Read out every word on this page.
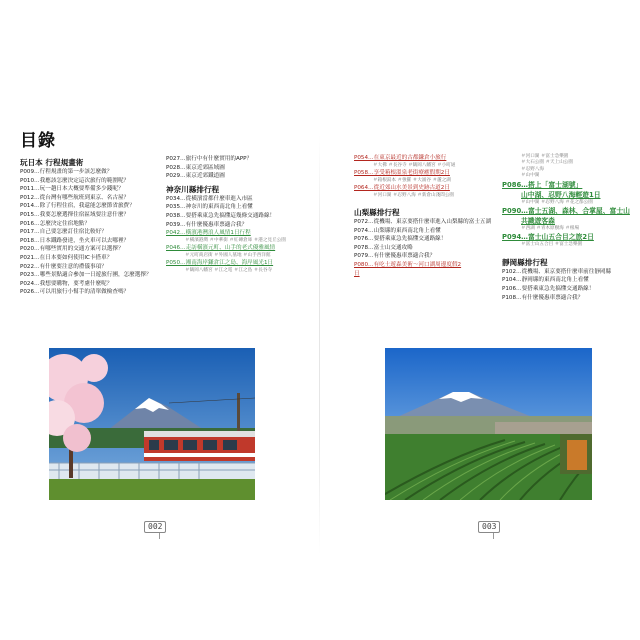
目錄
玩日本 行程規畫術
P009…行程規畫的第一步該怎麼做？
P010…我應該怎麼決定這次旅行的範圍呢？
P011…玩一趟日本大概要準備多少錢呢？
P012…從台灣有哪些航班到東京、名古屋？
P014…除了行程住宿，我還能怎麼節省旅費？
P015…我要怎麼選擇住宿區域要注意什麼？
P016…怎麼決定住宿地點？
P017…自己要怎麼訂住宿比較好？
P018…日本鐵路發達，坐火車可以去哪裡？
P020…有哪些實用的交通方案可以選擇？
P021…在日本要如何使用IC卡搭車？
P022…有什麼要注意的禮儀事項？
P023…哪些景點適合參加一日遊旅行團，怎麼選擇？
P024…我想要購物，要考慮什麼呢？
P026…可以用旅行小幫手的清單做檢查嗎？
P027…旅行中有什麼實用的APP？
P028…東京近郊區域圖
P029…東京近郊鐵道圖
神奈川縣排行程
P034…從橫濱當都什麼車進入市區
P035…神奈川的東西南北角上看懂
P038…要搭乘東急先搞懂這幾條交通路線！
P039…有什麼優惠車票適合我？
P042…橫濱港灣浪人風情1日行程
＃橫濱港灣 ＃中華街 ＃紅磚倉庫 ＃港之見丘公園
P046…走訪橫濱元町、山手的老式優雅風情
＃元町商店街 ＃外國人墓地 ＃山手西洋館
P050…湘南海岸鎌倉江之島、海岸風光1日
＃鶴岡八幡宮 ＃江之電 ＃江之島 ＃長谷寺
P054…在東京最近的古都鎌倉小旅行
＃大佛 ＃長谷寺 ＃鶴岡八幡宮 ＃小町通
P058…享受箱根溫泉老街療癒假期2日
＃箱根湯本 ＃強羅 ＃大涌谷 ＃蘆之湖
P064…從近郊山水美景到史跡古道2日
＃河口湖 ＃忍野八海 ＃新倉山淺間公園
山梨縣排行程
P072…從機場、東京要搭什麼車進入山梨縣的富士五湖
P074…山梨縣的東西南北角上看懂
P076…要搭乘東急先搞懂交通路線！
P078…富士山交通攻略
P079…有什麼優惠車票適合我？
P080…有吃士遊森美術～河口湖周邊度假2日
＃河口湖 ＃富士急樂園
＃大石公園 ＃天上山公園
＃忍野八海
＃山中湖
P086…搭上「富士湖號」
山中湖、忍野八海輕遊1日
＃山中湖 ＃忍野八海 ＃花之都公園
P090…富士五湖、森林、合掌屋、富士山
共識遊客森
＃西湖 ＃青木原樹海 ＃根場
P094…富士山五合目之旅2日
＃富士山五合目 ＃富士急樂園
靜岡縣排行程
P102…從機場、東京要搭什麼車前往靜岡縣
P104…靜岡縣的東西南北角上看懂
P106…要搭乘東急先搞懂交通路線！
P108…有什麼優惠車票適合我？
002	003
